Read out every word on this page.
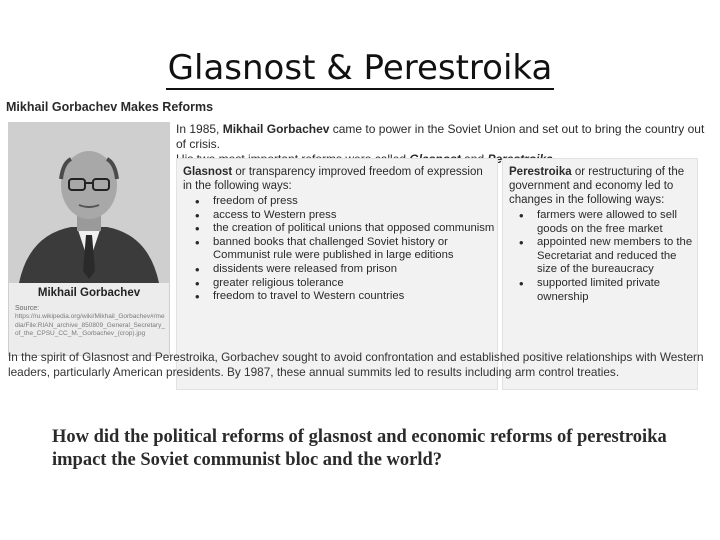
Glasnost & Perestroika
Mikhail Gorbachev Makes Reforms
Mikhail Gorbachev
Source:
https://ru.wikipedia.org/wiki/Mikhail_Gorbachev#/media/File:RIAN_archive_850809_General_Secretary_of_the_CPSU_CC_M._Gorbachev_(crop).jpg
In 1985, Mikhail Gorbachev came to power in the Soviet Union and set out to bring the country out of crisis.

Glasnost or transparency improved freedom of expression in the following ways:
• freedom of press
• access to Western press
• the creation of political unions that opposed communism
• banned books that challenged Soviet history or Communist rule were published in large editions
• dissidents were released from prison
• greater religious tolerance
• freedom to travel to Western countries
Perestroika or restructuring of the government and economy led to changes in the following ways:
• farmers were allowed to sell goods on the free market
• appointed new members to the Secretariat and reduced the size of the bureaucracy
• supported limited private ownership
In the spirit of Glasnost and Perestroika, Gorbachev sought to avoid confrontation and established positive relationships with Western leaders, particularly American presidents. By 1987, these annual summits led to results including arm control treaties.
How did the political reforms of glasnost and economic reforms of perestroika impact the Soviet communist bloc and the world?
